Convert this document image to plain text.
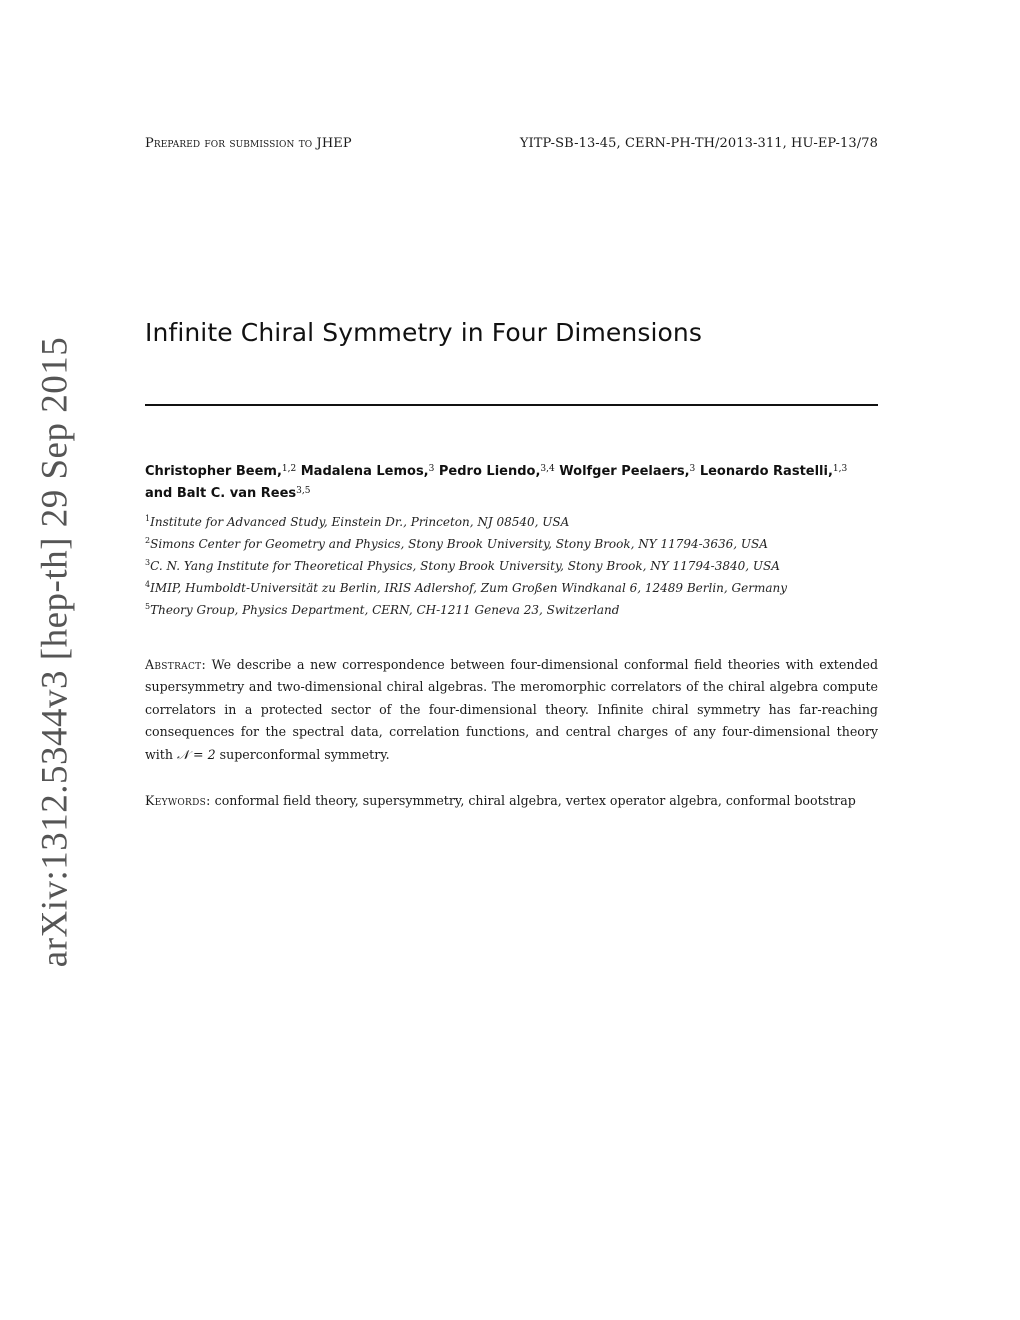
Prepared for submission to JHEP	YITP-SB-13-45, CERN-PH-TH/2013-311, HU-EP-13/78
arXiv:1312.5344v3 [hep-th] 29 Sep 2015
Infinite Chiral Symmetry in Four Dimensions
Christopher Beem,$^{1,2}$ Madalena Lemos,$^3$ Pedro Liendo,$^{3,4}$ Wolfger Peelaers,$^3$ Leonardo Rastelli,$^{1,3}$
and Balt C. van Rees$^{3,5}$
$^1$Institute for Advanced Study, Einstein Dr., Princeton, NJ 08540, USA
$^2$Simons Center for Geometry and Physics, Stony Brook University, Stony Brook, NY 11794-3636, USA
$^3$C. N. Yang Institute for Theoretical Physics, Stony Brook University, Stony Brook, NY 11794-3840, USA
$^4$IMIP, Humboldt-Universität zu Berlin, IRIS Adlershof, Zum Großen Windkanal 6, 12489 Berlin, Germany
$^5$Theory Group, Physics Department, CERN, CH-1211 Geneva 23, Switzerland
Abstract: We describe a new correspondence between four-dimensional conformal field theories with extended supersymmetry and two-dimensional chiral algebras. The meromorphic correlators of the chiral algebra compute correlators in a protected sector of the four-dimensional theory. Infinite chiral symmetry has far-reaching consequences for the spectral data, correlation functions, and central charges of any four-dimensional theory with 𝒩 = 2 superconformal symmetry.
Keywords: conformal field theory, supersymmetry, chiral algebra, vertex operator algebra, conformal bootstrap
